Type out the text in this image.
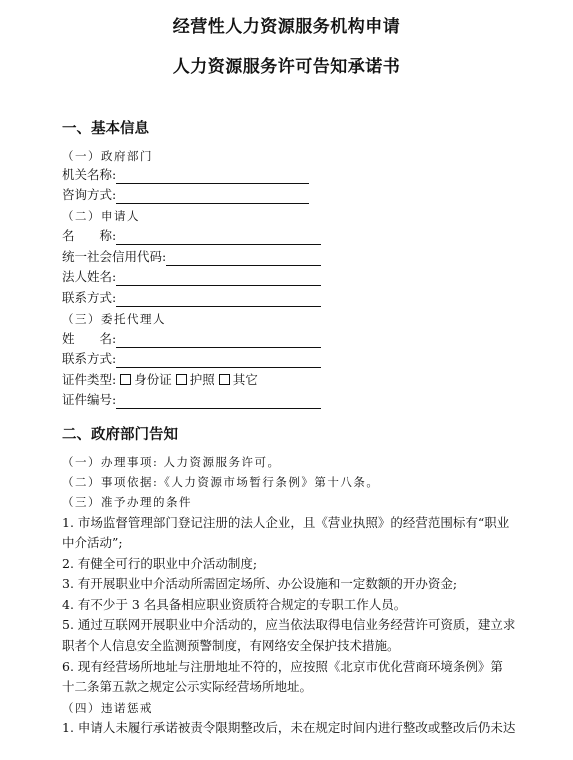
经营性人力资源服务机构申请
人力资源服务许可告知承诺书
一、基本信息
（一）政府部门
机关名称:
咨询方式:
（二）申请人
名　　称:
统一社会信用代码:
法人姓名:
联系方式:
（三）委托代理人
姓　　名:
联系方式:
证件类型: 身份证 护照 其它
证件编号:
二、政府部门告知
（一）办理事项: 人力资源服务许可。
（二）事项依据:《人力资源市场暂行条例》第十八条。
（三）准予办理的条件
1. 市场监督管理部门登记注册的法人企业，且《营业执照》的经营范围标有“职业
中介活动”;
2. 有健全可行的职业中介活动制度;
3. 有开展职业中介活动所需固定场所、办公设施和一定数额的开办资金;
4. 有不少于 3 名具备相应职业资质符合规定的专职工作人员。
5. 通过互联网开展职业中介活动的，应当依法取得电信业务经营许可资质，建立求
职者个人信息安全监测预警制度，有网络安全保护技术措施。
6. 现有经营场所地址与注册地址不符的，应按照《北京市优化营商环境条例》第
十二条第五款之规定公示实际经营场所地址。
（四）违诺惩戒
1. 申请人未履行承诺被责令限期整改后，未在规定时间内进行整改或整改后仍未达
